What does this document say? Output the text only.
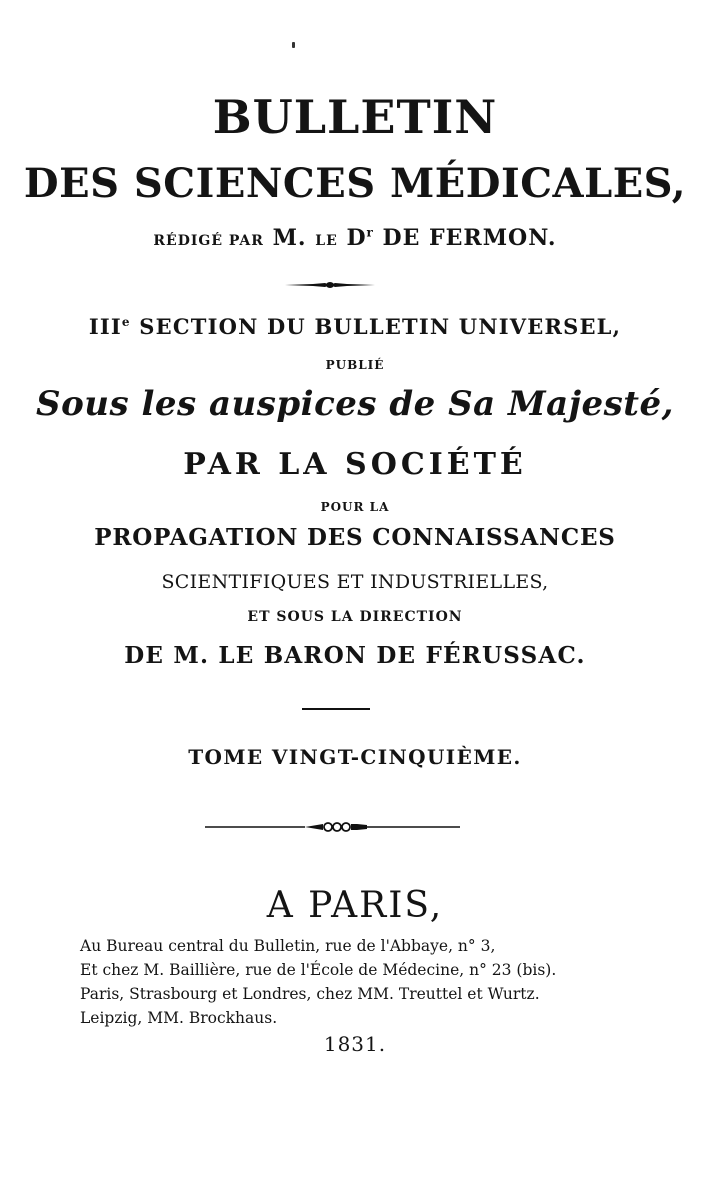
BULLETIN
DES SCIENCES MÉDICALES,
RÉDIGÉ PAR M. LE $D^r$ DE FERMON.
IIIe SECTION DU BULLETIN UNIVERSEL,
PUBLIÉ
Sous les auspices de Sa Majesté,
PAR LA SOCIÉTÉ
POUR LA
PROPAGATION DES CONNAISSANCES
SCIENTIFIQUES ET INDUSTRIELLES,
ET SOUS LA DIRECTION
DE M. LE BARON DE FÉRUSSAC.
TOME VINGT-CINQUIÈME.
A PARIS,
Au Bureau central du Bulletin, rue de l'Abbaye, n° 3,
Et chez M. Baillière, rue de l'École de Médecine, n° 23 (bis).
Paris, Strasbourg et Londres, chez MM. Treuttel et Wurtz.
Leipzig, MM. Brockhaus.
1831.
